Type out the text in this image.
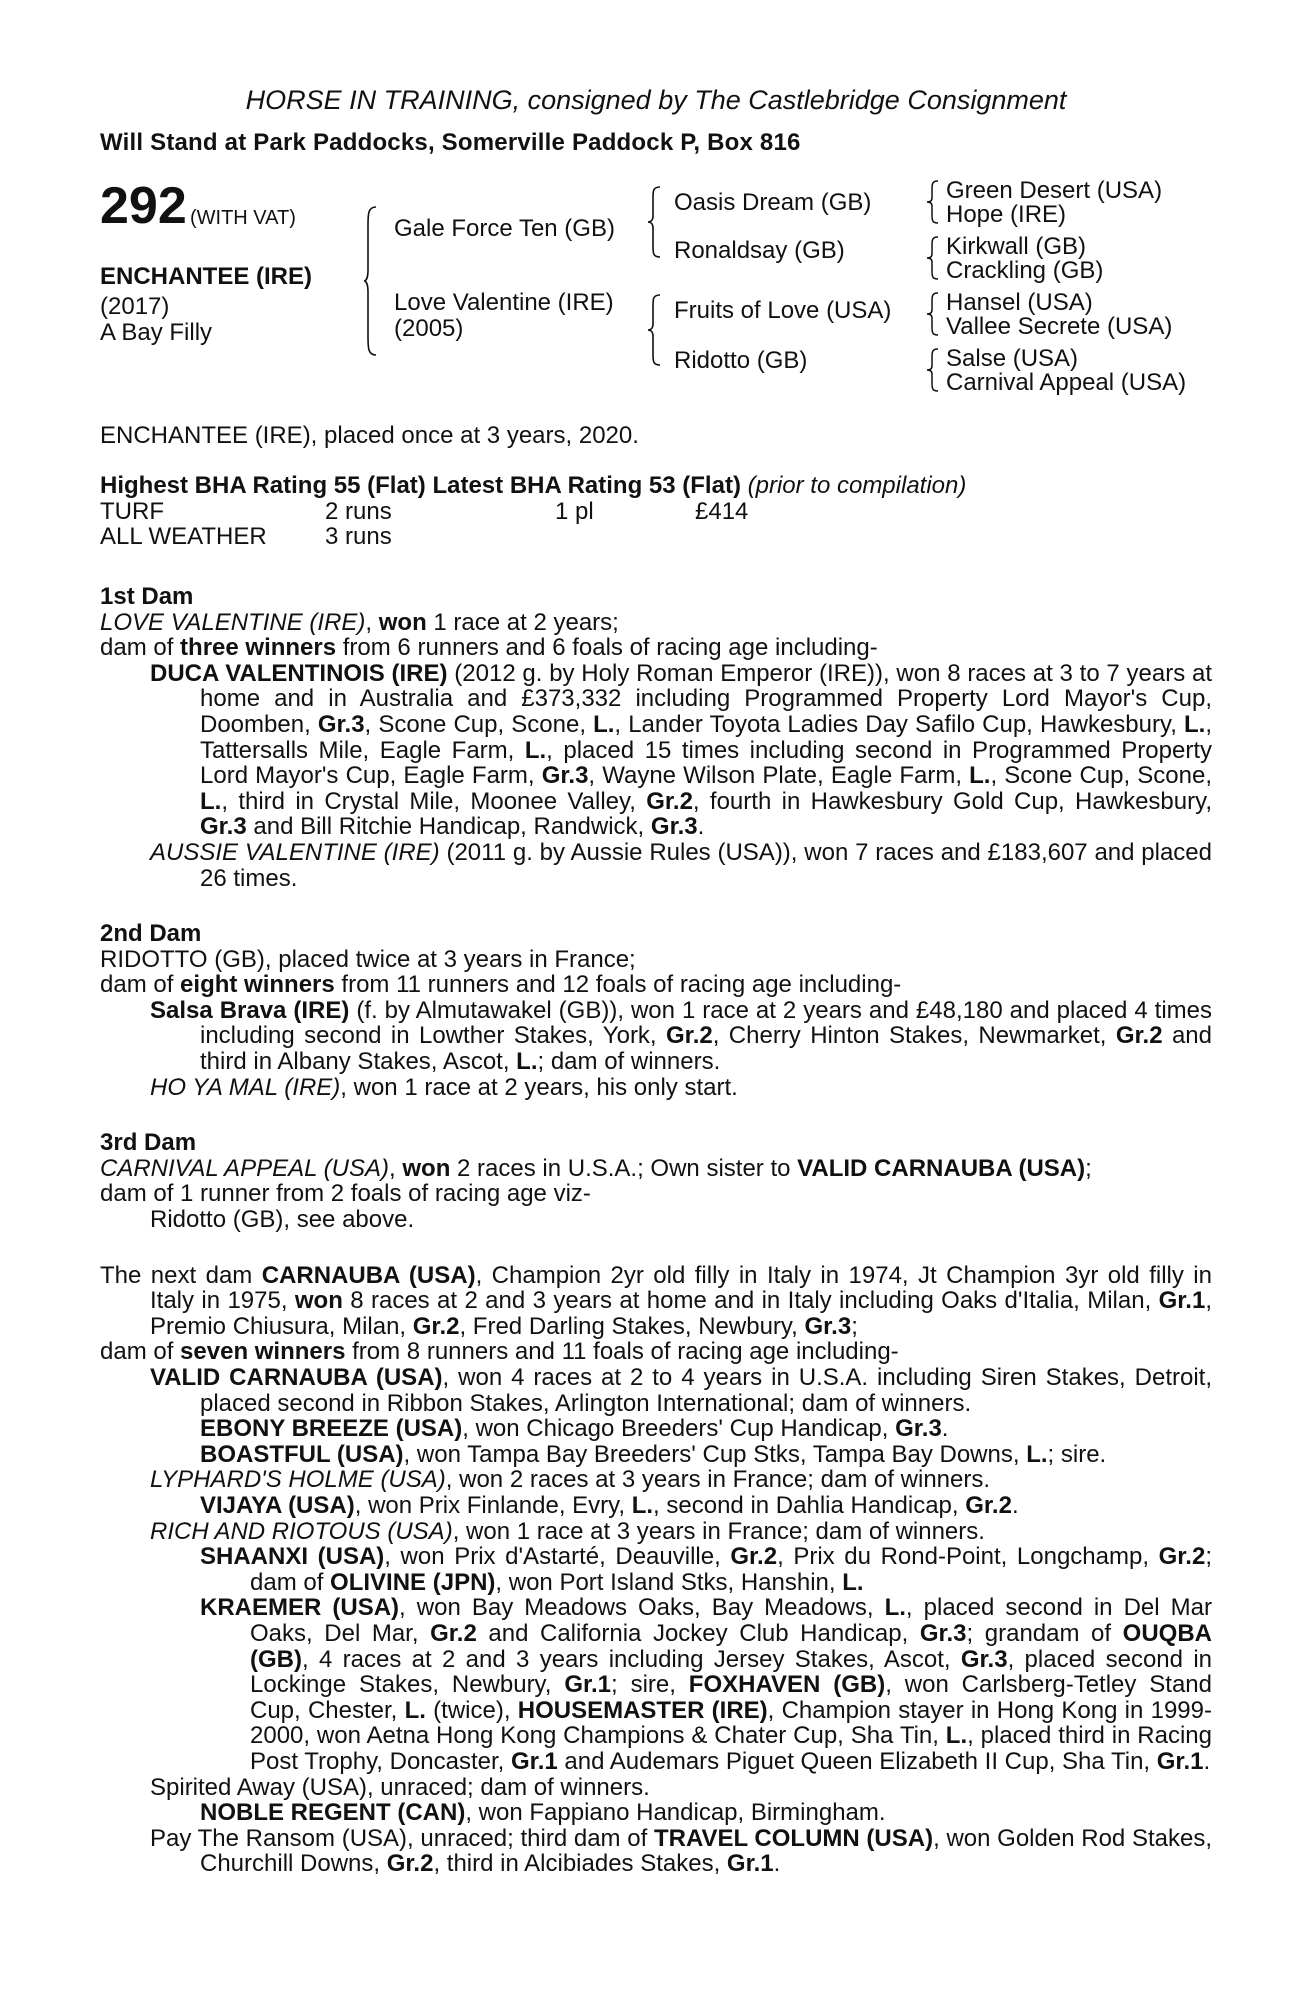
HORSE IN TRAINING, consigned by The Castlebridge Consignment
Will Stand at Park Paddocks, Somerville Paddock P, Box 816
292 (WITH VAT)
ENCHANTEE (IRE)
(2017)
A Bay Filly
Gale Force Ten (GB)
Love Valentine (IRE)
(2005)
Oasis Dream (GB)
Ronaldsay (GB)
Fruits of Love (USA)
Ridotto (GB)
Green Desert (USA)
Hope (IRE)
Kirkwall (GB)
Crackling (GB)
Hansel (USA)
Vallee Secrete (USA)
Salse (USA)
Carnival Appeal (USA)
ENCHANTEE (IRE), placed once at 3 years, 2020.
Highest BHA Rating 55 (Flat) Latest BHA Rating 53 (Flat) (prior to compilation)
TURF	2 runs	1 pl	£414
ALL WEATHER 3 runs
1st Dam
LOVE VALENTINE (IRE), won 1 race at 2 years;
dam of three winners from 6 runners and 6 foals of racing age including-
DUCA VALENTINOIS (IRE) (2012 g. by Holy Roman Emperor (IRE)), won 8 races at 3 to 7 years at home and in Australia and £373,332 including Programmed Property Lord Mayor's Cup, Doomben, Gr.3, Scone Cup, Scone, L., Lander Toyota Ladies Day Safilo Cup, Hawkesbury, L., Tattersalls Mile, Eagle Farm, L., placed 15 times including second in Programmed Property Lord Mayor's Cup, Eagle Farm, Gr.3, Wayne Wilson Plate, Eagle Farm, L., Scone Cup, Scone, L., third in Crystal Mile, Moonee Valley, Gr.2, fourth in Hawkesbury Gold Cup, Hawkesbury, Gr.3 and Bill Ritchie Handicap, Randwick, Gr.3.
AUSSIE VALENTINE (IRE) (2011 g. by Aussie Rules (USA)), won 7 races and £183,607 and placed 26 times.
2nd Dam
RIDOTTO (GB), placed twice at 3 years in France;
dam of eight winners from 11 runners and 12 foals of racing age including-
Salsa Brava (IRE) (f. by Almutawakel (GB)), won 1 race at 2 years and £48,180 and placed 4 times including second in Lowther Stakes, York, Gr.2, Cherry Hinton Stakes, Newmarket, Gr.2 and third in Albany Stakes, Ascot, L.; dam of winners.
HO YA MAL (IRE), won 1 race at 2 years, his only start.
3rd Dam
CARNIVAL APPEAL (USA), won 2 races in U.S.A.; Own sister to VALID CARNAUBA (USA);
dam of 1 runner from 2 foals of racing age viz-
Ridotto (GB), see above.
The next dam CARNAUBA (USA), Champion 2yr old filly in Italy in 1974, Jt Champion 3yr old filly in Italy in 1975, won 8 races at 2 and 3 years at home and in Italy including Oaks d'Italia, Milan, Gr.1, Premio Chiusura, Milan, Gr.2, Fred Darling Stakes, Newbury, Gr.3;
dam of seven winners from 8 runners and 11 foals of racing age including-
VALID CARNAUBA (USA), won 4 races at 2 to 4 years in U.S.A. including Siren Stakes, Detroit, placed second in Ribbon Stakes, Arlington International; dam of winners.
EBONY BREEZE (USA), won Chicago Breeders' Cup Handicap, Gr.3.
BOASTFUL (USA), won Tampa Bay Breeders' Cup Stks, Tampa Bay Downs, L.; sire.
LYPHARD'S HOLME (USA), won 2 races at 3 years in France; dam of winners.
VIJAYA (USA), won Prix Finlande, Evry, L., second in Dahlia Handicap, Gr.2.
RICH AND RIOTOUS (USA), won 1 race at 3 years in France; dam of winners.
SHAANXI (USA), won Prix d'Astarté, Deauville, Gr.2, Prix du Rond-Point, Longchamp, Gr.2; dam of OLIVINE (JPN), won Port Island Stks, Hanshin, L.
KRAEMER (USA), won Bay Meadows Oaks, Bay Meadows, L., placed second in Del Mar Oaks, Del Mar, Gr.2 and California Jockey Club Handicap, Gr.3; grandam of OUQBA (GB), 4 races at 2 and 3 years including Jersey Stakes, Ascot, Gr.3, placed second in Lockinge Stakes, Newbury, Gr.1; sire, FOXHAVEN (GB), won Carlsberg-Tetley Stand Cup, Chester, L. (twice), HOUSEMASTER (IRE), Champion stayer in Hong Kong in 1999-2000, won Aetna Hong Kong Champions & Chater Cup, Sha Tin, L., placed third in Racing Post Trophy, Doncaster, Gr.1 and Audemars Piguet Queen Elizabeth II Cup, Sha Tin, Gr.1.
Spirited Away (USA), unraced; dam of winners.
NOBLE REGENT (CAN), won Fappiano Handicap, Birmingham.
Pay The Ransom (USA), unraced; third dam of TRAVEL COLUMN (USA), won Golden Rod Stakes, Churchill Downs, Gr.2, third in Alcibiades Stakes, Gr.1.
